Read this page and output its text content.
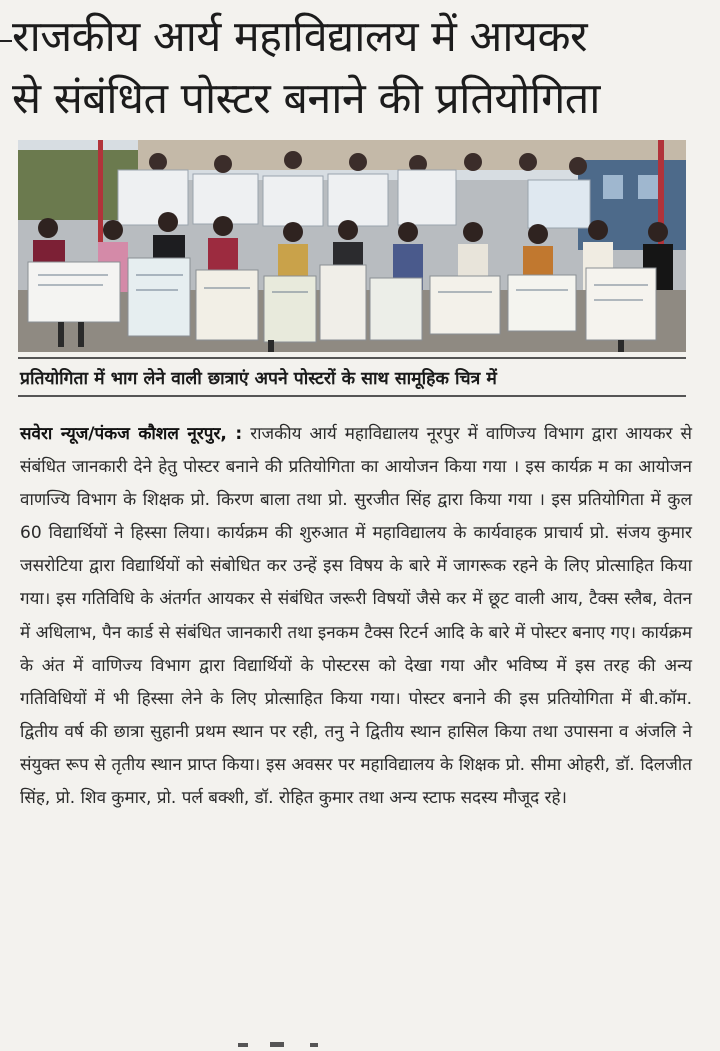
राजकीय आर्य महाविद्यालय में आयकर
से संबंधित पोस्टर बनाने की प्रतियोगिता
प्रतियोगिता में भाग लेने वाली छात्राएं अपने पोस्टरों के साथ सामूहिक चित्र में
सवेरा न्यूज/पंकज कौशल नूरपुर, : राजकीय आर्य महाविद्यालय नूरपुर में वाणिज्य विभाग द्वारा आयकर से संबंधित जानकारी देने हेतु पोस्टर बनाने की प्रतियोगिता का आयोजन किया गया । इस कार्यक्र म का आयोजन वाणज्यि विभाग के शिक्षक प्रो. किरण बाला तथा प्रो. सुरजीत सिंह द्वारा किया गया । इस प्रतियोगिता में कुल 60 विद्यार्थियों ने हिस्सा लिया। कार्यक्रम की शुरुआत में महाविद्यालय के कार्यवाहक प्राचार्य प्रो. संजय कुमार जसरोटिया द्वारा विद्यार्थियों को संबोधित कर उन्हें इस विषय के बारे में जागरूक रहने के लिए प्रोत्साहित किया गया। इस गतिविधि के अंतर्गत आयकर से संबंधित जरूरी विषयों जैसे कर में छूट वाली आय, टैक्स स्लैब, वेतन में अधिलाभ, पैन कार्ड से संबंधित जानकारी तथा इनकम टैक्स रिटर्न आदि के बारे में पोस्टर बनाए गए। कार्यक्रम के अंत में वाणिज्य विभाग द्वारा विद्यार्थियों के पोस्टरस को देखा गया और भविष्य में इस तरह की अन्य गतिविधियों में भी हिस्सा लेने के लिए प्रोत्साहित किया गया। पोस्टर बनाने की इस प्रतियोगिता में बी.कॉम. द्वितीय वर्ष की छात्रा सुहानी प्रथम स्थान पर रही, तनु ने द्वितीय स्थान हासिल किया तथा उपासना व अंजलि ने संयुक्त रूप से तृतीय स्थान प्राप्त किया। इस अवसर पर महाविद्यालय के शिक्षक प्रो. सीमा ओहरी, डॉ. दिलजीत सिंह, प्रो. शिव कुमार, प्रो. पर्ल बक्शी, डॉ. रोहित कुमार तथा अन्य स्टाफ सदस्य मौजूद रहे।
